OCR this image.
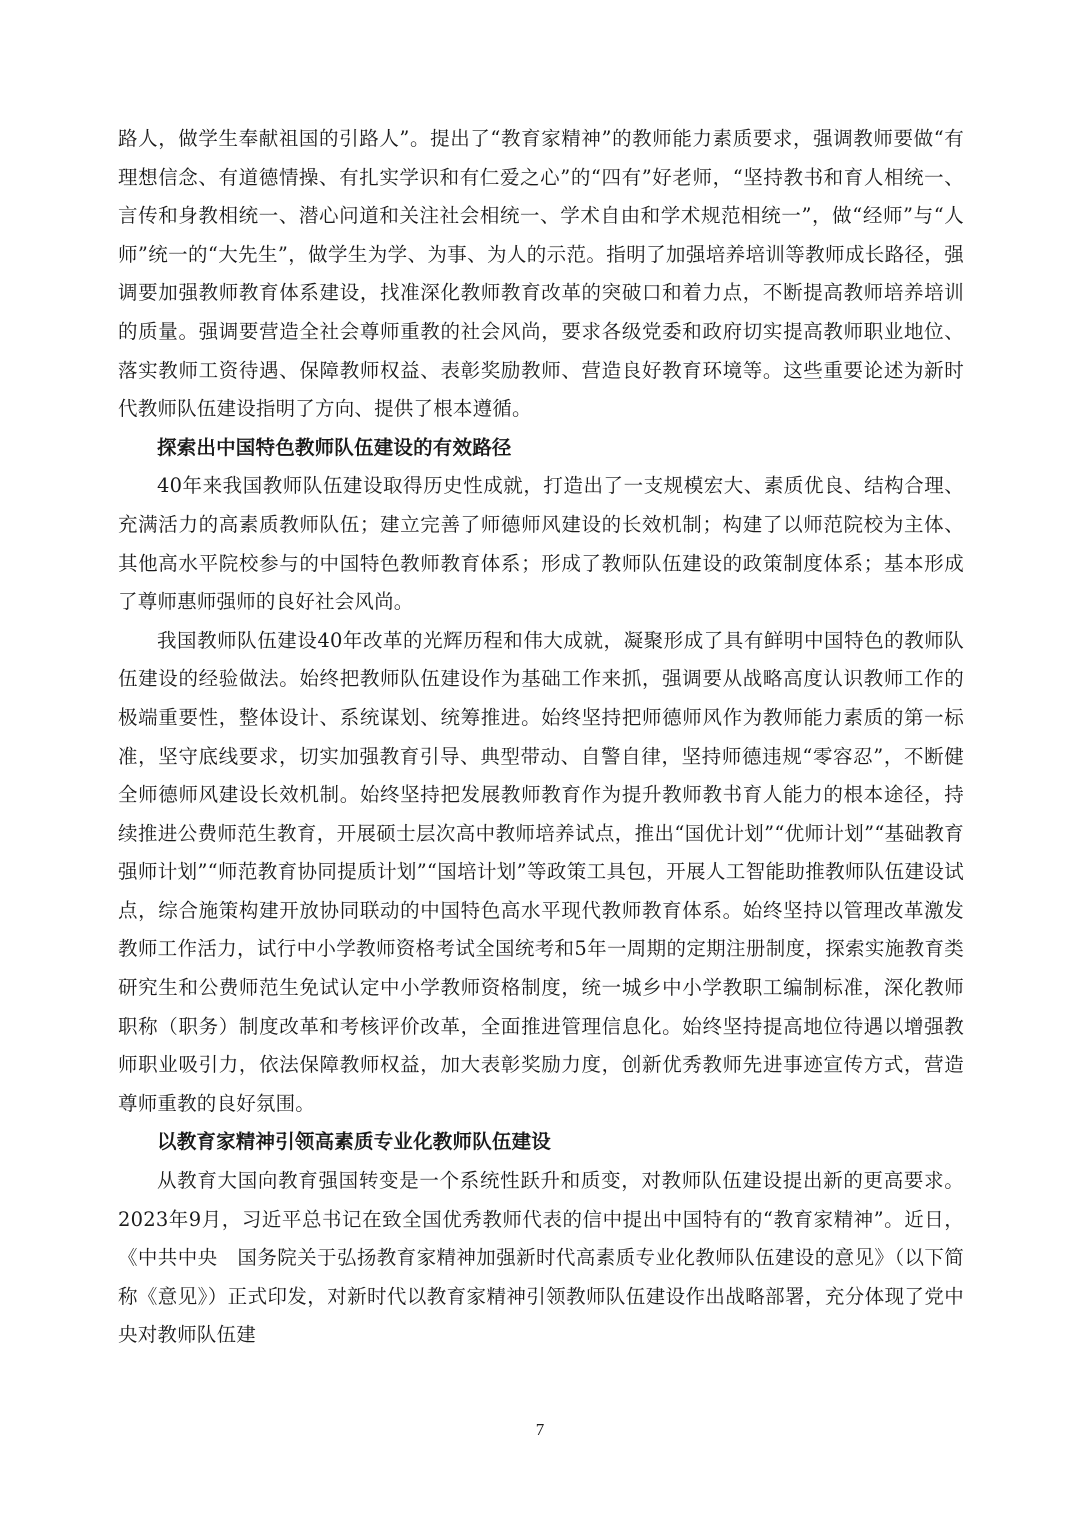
路人，做学生奉献祖国的引路人”。提出了“教育家精神”的教师能力素质要求，强调教师要做“有理想信念、有道德情操、有扎实学识和有仁爱之心”的“四有”好老师，“坚持教书和育人相统一、言传和身教相统一、潜心问道和关注社会相统一、学术自由和学术规范相统一”，做“经师”与“人师”统一的“大先生”，做学生为学、为事、为人的示范。指明了加强培养培训等教师成长路径，强调要加强教师教育体系建设，找准深化教师教育改革的突破口和着力点，不断提高教师培养培训的质量。强调要营造全社会尊师重教的社会风尚，要求各级党委和政府切实提高教师职业地位、落实教师工资待遇、保障教师权益、表彰奖励教师、营造良好教育环境等。这些重要论述为新时代教师队伍建设指明了方向、提供了根本遵循。

探索出中国特色教师队伍建设的有效路径

40年来我国教师队伍建设取得历史性成就，打造出了一支规模宏大、素质优良、结构合理、充满活力的高素质教师队伍；建立完善了师德师风建设的长效机制；构建了以师范院校为主体、其他高水平院校参与的中国特色教师教育体系；形成了教师队伍建设的政策制度体系；基本形成了尊师惠师强师的良好社会风尚。

我国教师队伍建设40年改革的光辉历程和伟大成就，凝聚形成了具有鲜明中国特色的教师队伍建设的经验做法。始终把教师队伍建设作为基础工作来抓，强调要从战略高度认识教师工作的极端重要性，整体设计、系统谋划、统筹推进。始终坚持把师德师风作为教师能力素质的第一标准，坚守底线要求，切实加强教育引导、典型带动、自警自律，坚持师德违规“零容忍”，不断健全师德师风建设长效机制。始终坚持把发展教师教育作为提升教师教书育人能力的根本途径，持续推进公费师范生教育，开展硕士层次高中教师培养试点，推出“国优计划”“优师计划”“基础教育强师计划”“师范教育协同提质计划”“国培计划”等政策工具包，开展人工智能助推教师队伍建设试点，综合施策构建开放协同联动的中国特色高水平现代教师教育体系。始终坚持以管理改革激发教师工作活力，试行中小学教师资格考试全国统考和5年一周期的定期注册制度，探索实施教育类研究生和公费师范生免试认定中小学教师资格制度，统一城乡中小学教职工编制标准，深化教师职称（职务）制度改革和考核评价改革，全面推进管理信息化。始终坚持提高地位待遇以增强教师职业吸引力，依法保障教师权益，加大表彰奖励力度，创新优秀教师先进事迹宣传方式，营造尊师重教的良好氛围。

以教育家精神引领高素质专业化教师队伍建设

从教育大国向教育强国转变是一个系统性跃升和质变，对教师队伍建设提出新的更高要求。2023年9月，习近平总书记在致全国优秀教师代表的信中提出中国特有的“教育家精神”。近日，《中共中央　国务院关于弘扬教育家精神加强新时代高素质专业化教师队伍建设的意见》（以下简称《意见》）正式印发，对新时代以教育家精神引领教师队伍建设作出战略部署，充分体现了党中央对教师队伍建

7
